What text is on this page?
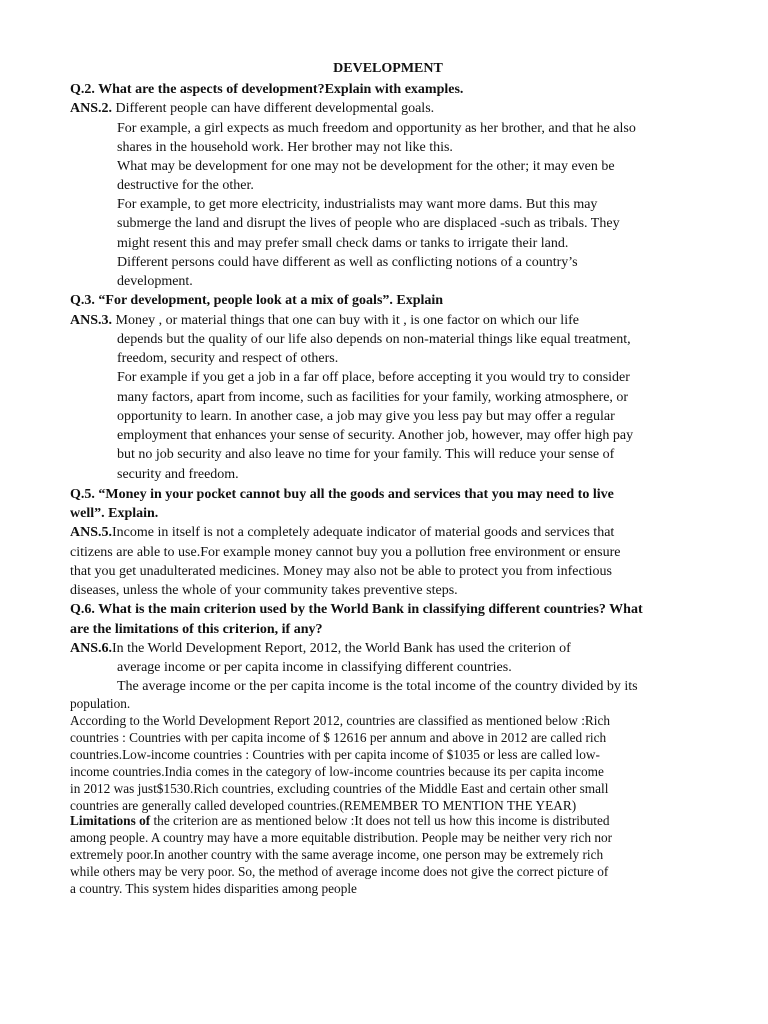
DEVELOPMENT
Q.2. What are the aspects of development?Explain with examples.
ANS.2. Different people can have different developmental goals.
For example, a girl expects as much freedom and opportunity as her brother, and that he also
shares in the household work. Her brother may not like this.
What may be development for one may not be development for the other; it may even be
destructive for the other.
For example, to get more electricity, industrialists may want more dams. But this may
submerge the land and disrupt the lives of people who are displaced -such as tribals. They
might resent this and may prefer small check dams or tanks to irrigate their land.
Different persons could have different as well as conflicting notions of a country’s
development.
Q.3. “For development, people look at a mix of goals”. Explain
ANS.3. Money , or material things that one can buy with it , is one factor on which our life
depends but the quality of our life also depends on non-material things like equal treatment,
freedom, security and respect of others.
For example if you get a job in a far off place, before accepting it you would try to consider
many factors, apart from income, such as facilities for your family, working atmosphere, or
opportunity to learn. In another case, a job may give you less pay but may offer a regular
employment that enhances your sense of security. Another job, however, may offer high pay
but no job security and also leave no time for your family. This will reduce your sense of
security and freedom.
Q.5. “Money in your pocket cannot buy all the goods and services that you may need to live
well”. Explain.
ANS.5.Income in itself is not a completely adequate indicator of material goods and services that
citizens are able to use.For example money cannot buy you a pollution free environment or ensure
that you get unadulterated medicines. Money may also not be able to protect you from infectious
diseases, unless the whole of your community takes preventive steps.
Q.6. What is the main criterion used by the World Bank in classifying different countries? What
are the limitations of this criterion, if any?
ANS.6.In the World Development Report, 2012, the World Bank has used the criterion of
average income or per capita income in classifying different countries.
The average income or the per capita income is the total income of the country divided by its
population.
According to the World Development Report 2012, countries are classified as mentioned below :Rich
countries : Countries with per capita income of $ 12616 per annum and above in 2012 are called rich
countries.Low-income countries : Countries with per capita income of $1035 or less are called low-
income countries.India comes in the category of low-income countries because its per capita income
in 2012 was just$1530.Rich countries, excluding countries of the Middle East and certain other small
countries are generally called developed countries.(REMEMBER TO MENTION THE YEAR)
Limitations of the criterion are as mentioned below :It does not tell us how this income is distributed
among people. A country may have a more equitable distribution. People may be neither very rich nor
extremely poor.In another country with the same average income, one person may be extremely rich
while others may be very poor. So, the method of average income does not give the correct picture of
a country. This system hides disparities among people
